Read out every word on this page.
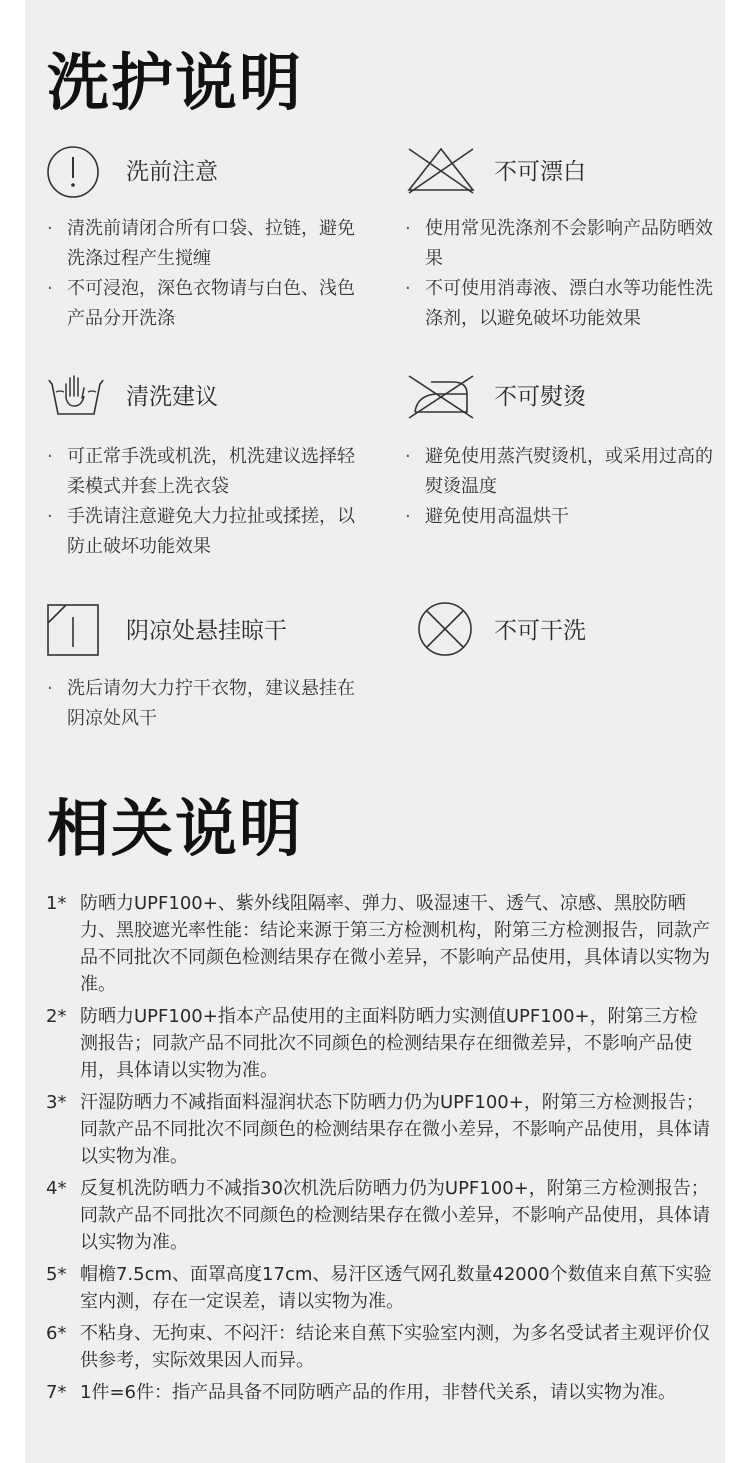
洗护说明
洗前注意
· 清洗前请闭合所有口袋、拉链，避免洗涤过程产生搅缠
· 不可浸泡，深色衣物请与白色、浅色产品分开洗涤
不可漂白
· 使用常见洗涤剂不会影响产品防晒效果
· 不可使用消毒液、漂白水等功能性洗涤剂，以避免破坏功能效果
清洗建议
· 可正常手洗或机洗，机洗建议选择轻柔模式并套上洗衣袋
· 手洗请注意避免大力拉扯或揉搓，以防止破坏功能效果
不可熨烫
· 避免使用蒸汽熨烫机，或采用过高的熨烫温度
· 避免使用高温烘干
阴凉处悬挂晾干
· 洗后请勿大力拧干衣物，建议悬挂在阴凉处风干
不可干洗
相关说明
1* 防晒力UPF100+、紫外线阻隔率、弹力、吸湿速干、透气、凉感、黑胶防晒力、黑胶遮光率性能：结论来源于第三方检测机构，附第三方检测报告，同款产品不同批次不同颜色检测结果存在微小差异，不影响产品使用，具体请以实物为准。
2* 防晒力UPF100+指本产品使用的主面料防晒力实测值UPF100+，附第三方检测报告；同款产品不同批次不同颜色的检测结果存在细微差异，不影响产品使用，具体请以实物为准。
3* 汗湿防晒力不减指面料湿润状态下防晒力仍为UPF100+，附第三方检测报告；同款产品不同批次不同颜色的检测结果存在微小差异，不影响产品使用，具体请以实物为准。
4* 反复机洗防晒力不减指30次机洗后防晒力仍为UPF100+，附第三方检测报告；同款产品不同批次不同颜色的检测结果存在微小差异，不影响产品使用，具体请以实物为准。
5* 帽檐7.5cm、面罩高度17cm、易汗区透气网孔数量42000个数值来自蕉下实验室内测，存在一定误差，请以实物为准。
6* 不粘身、无拘束、不闷汗：结论来自蕉下实验室内测，为多名受试者主观评价仅供参考，实际效果因人而异。
7* 1件=6件：指产品具备不同防晒产品的作用，非替代关系，请以实物为准。
